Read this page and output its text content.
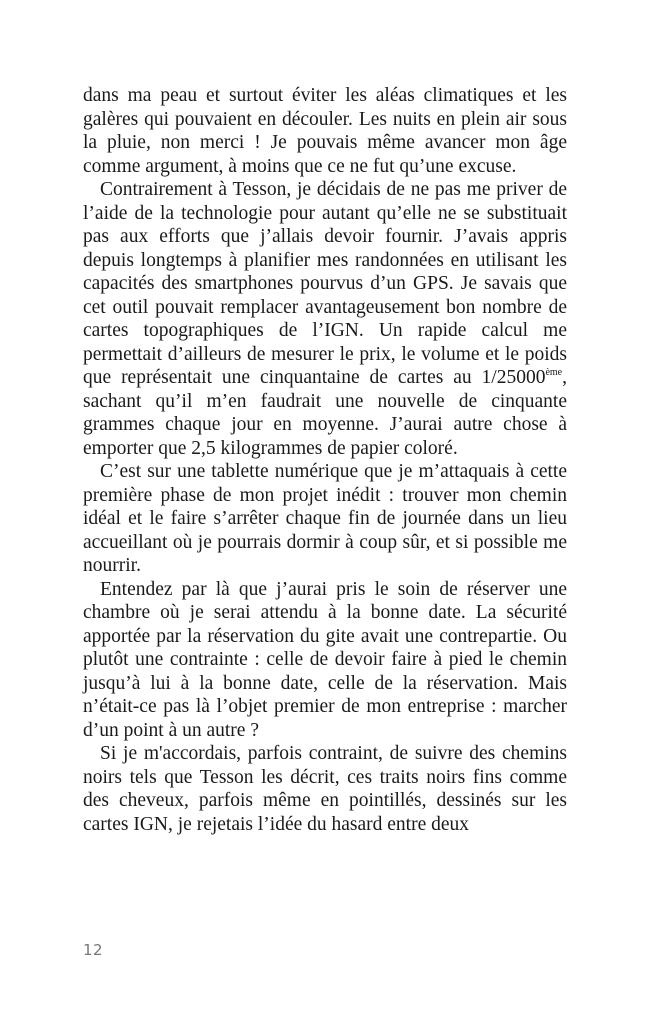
dans ma peau et surtout éviter les aléas climatiques et les galères qui pouvaient en découler. Les nuits en plein air sous la pluie, non merci ! Je pouvais même avancer mon âge comme argument, à moins que ce ne fut qu’une excuse.

Contrairement à Tesson, je décidais de ne pas me priver de l’aide de la technologie pour autant qu’elle ne se substituait pas aux efforts que j’allais devoir fournir. J’avais appris depuis longtemps à planifier mes randonnées en utilisant les capacités des smartphones pourvus d’un GPS. Je savais que cet outil pouvait remplacer avantageusement bon nombre de cartes topographiques de l’IGN. Un rapide calcul me permettait d’ailleurs de mesurer le prix, le volume et le poids que représentait une cinquantaine de cartes au 1/25000ème, sachant qu’il m’en faudrait une nouvelle de cinquante grammes chaque jour en moyenne. J’aurai autre chose à emporter que 2,5 kilogrammes de papier coloré.

C’est sur une tablette numérique que je m’attaquais à cette première phase de mon projet inédit : trouver mon chemin idéal et le faire s’arrêter chaque fin de journée dans un lieu accueillant où je pourrais dormir à coup sûr, et si possible me nourrir.

Entendez par là que j’aurai pris le soin de réserver une chambre où je serai attendu à la bonne date. La sécurité apportée par la réservation du gite avait une contrepartie. Ou plutôt une contrainte : celle de devoir faire à pied le chemin jusqu’à lui à la bonne date, celle de la réservation. Mais n’était-ce pas là l’objet premier de mon entreprise : marcher d’un point à un autre ?

Si je m'accordais, parfois contraint, de suivre des chemins noirs tels que Tesson les décrit, ces traits noirs fins comme des cheveux, parfois même en pointillés, dessinés sur les cartes IGN, je rejetais l’idée du hasard entre deux

12
